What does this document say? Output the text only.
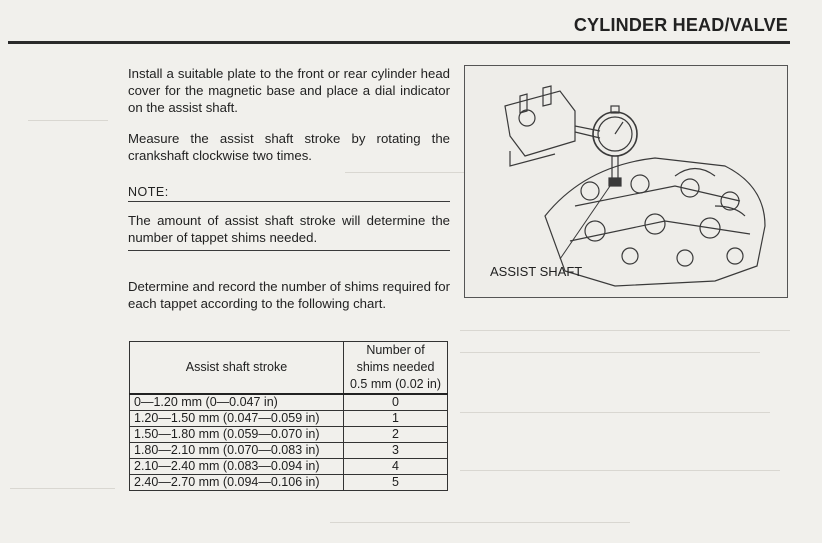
CYLINDER HEAD/VALVE
Install a suitable plate to the front or rear cylinder head cover for the magnetic base and place a dial indicator on the assist shaft.
Measure the assist shaft stroke by rotating the crankshaft clockwise two times.
NOTE:
The amount of assist shaft stroke will determine the number of tappet shims needed.
Determine and record the number of shims required for each tappet according to the following chart.
ASSIST SHAFT
Assist shaft stroke	Number of
shims needed
0.5 mm (0.02 in)

0—1.20 mm (0—0.047 in)	0
1.20—1.50 mm (0.047—0.059 in)	1
1.50—1.80 mm (0.059—0.070 in)	2
1.80—2.10 mm (0.070—0.083 in)	3
2.10—2.40 mm (0.083—0.094 in)	4
2.40—2.70 mm (0.094—0.106 in)	5
